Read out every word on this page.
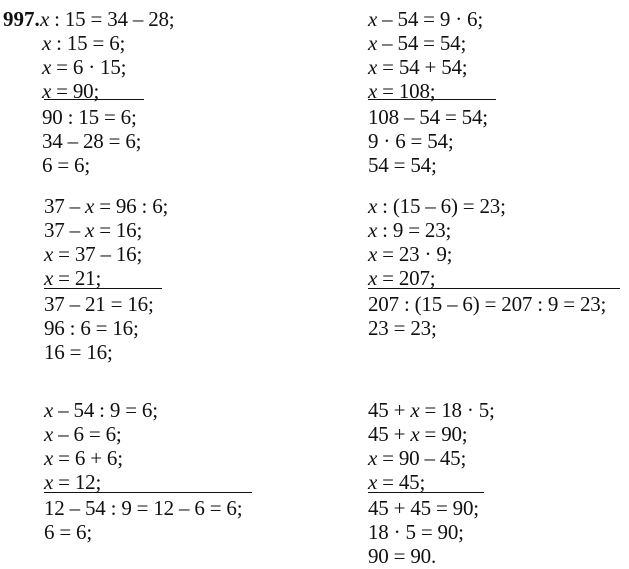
997. x : 15 = 34 – 28;
x : 15 = 6;
x = 6 · 15;
x = 90;
90 : 15 = 6;
34 – 28 = 6;
6 = 6;
x – 54 = 9 · 6;
x – 54 = 54;
x = 54 + 54;
x = 108;
108 – 54 = 54;
9 · 6 = 54;
54 = 54;
37 – x = 96 : 6;
37 – x = 16;
x = 37 – 16;
x = 21;
37 – 21 = 16;
96 : 6 = 16;
16 = 16;
x : (15 – 6) = 23;
x : 9 = 23;
x = 23 · 9;
x = 207;
207 : (15 – 6) = 207 : 9 = 23;
23 = 23;
x – 54 : 9 = 6;
x – 6 = 6;
x = 6 + 6;
x = 12;
12 – 54 : 9 = 12 – 6 = 6;
6 = 6;
45 + x = 18 · 5;
45 + x = 90;
x = 90 – 45;
x = 45;
45 + 45 = 90;
18 · 5 = 90;
90 = 90.
